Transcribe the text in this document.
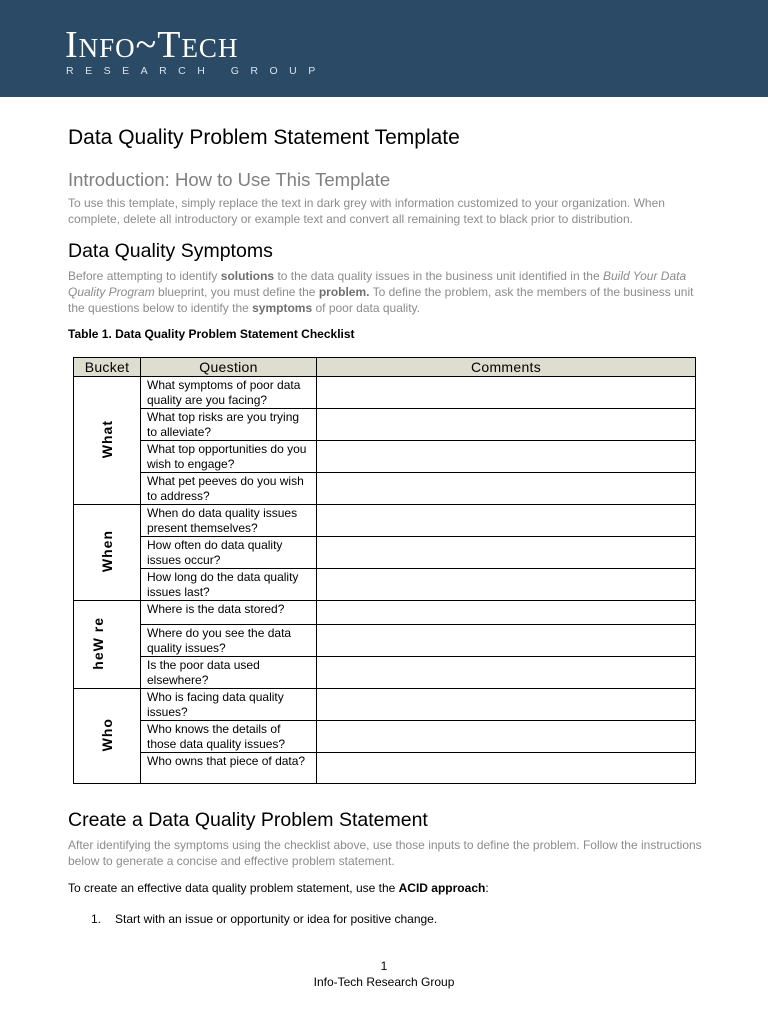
Info~Tech
RESEARCH GROUP
Data Quality Problem Statement Template
Introduction: How to Use This Template
To use this template, simply replace the text in dark grey with information customized to your organization. When complete, delete all introductory or example text and convert all remaining text to black prior to distribution.
Data Quality Symptoms
Before attempting to identify solutions to the data quality issues in the business unit identified in the Build Your Data Quality Program blueprint, you must define the problem. To define the problem, ask the members of the business unit the questions below to identify the symptoms of poor data quality.
Table 1. Data Quality Problem Statement Checklist
Bucket	Question	Comments
What	What symptoms of poor data quality are you facing?	
	What top risks are you trying to alleviate?	
	What top opportunities do you wish to engage?	
	What pet peeves do you wish to address?	
When	When do data quality issues present themselves?	
	How often do data quality issues occur?	
	How long do the data quality issues last?	
heW re	Where is the data stored?	
	Where do you see the data quality issues?	
	Is the poor data used elsewhere?	
Who	Who is facing data quality issues?	
	Who knows the details of those data quality issues?	
	Who owns that piece of data?	
Create a Data Quality Problem Statement
After identifying the symptoms using the checklist above, use those inputs to define the problem. Follow the instructions below to generate a concise and effective problem statement.
To create an effective data quality problem statement, use the ACID approach:
1. Start with an issue or opportunity or idea for positive change.
1
Info-Tech Research Group
